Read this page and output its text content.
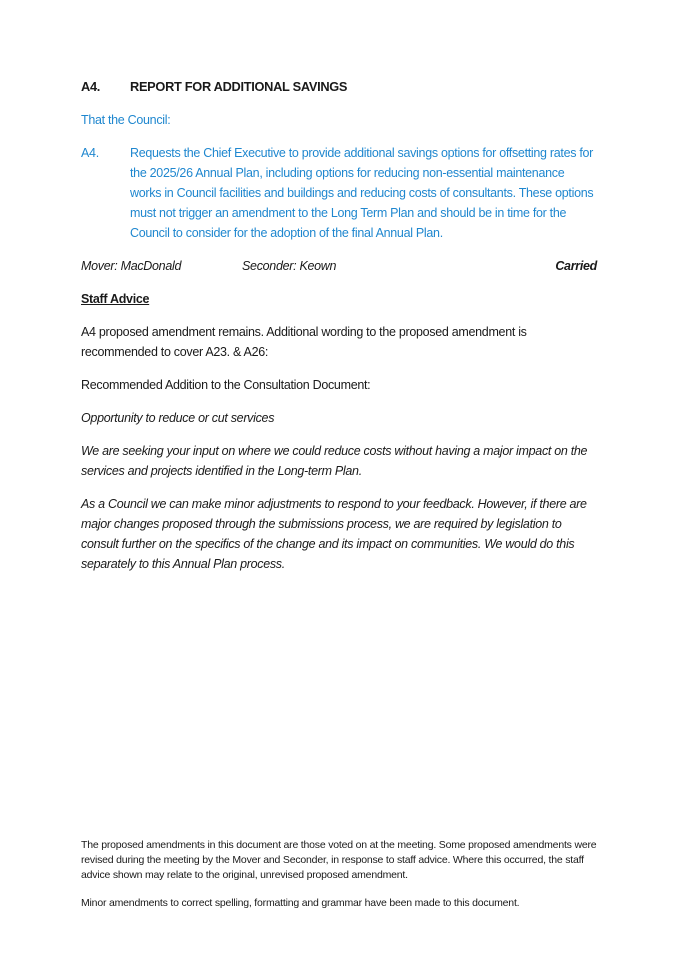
A4.	REPORT FOR ADDITIONAL SAVINGS

That the Council:

A4.	Requests the Chief Executive to provide additional savings options for offsetting rates for the 2025/26 Annual Plan, including options for reducing non-essential maintenance works in Council facilities and buildings and reducing costs of consultants. These options must not trigger an amendment to the Long Term Plan and should be in time for the Council to consider for the adoption of the final Annual Plan.
Mover: MacDonald	Seconder: Keown	Carried

Staff Advice

A4 proposed amendment remains. Additional wording to the proposed amendment is recommended to cover A23. & A26:

Recommended Addition to the Consultation Document:

Opportunity to reduce or cut services

We are seeking your input on where we could reduce costs without having a major impact on the services and projects identified in the Long-term Plan.

As a Council we can make minor adjustments to respond to your feedback. However, if there are major changes proposed through the submissions process, we are required by legislation to consult further on the specifics of the change and its impact on communities. We would do this separately to this Annual Plan process.

The proposed amendments in this document are those voted on at the meeting. Some proposed amendments were revised during the meeting by the Mover and Seconder, in response to staff advice. Where this occurred, the staff advice shown may relate to the original, unrevised proposed amendment.

Minor amendments to correct spelling, formatting and grammar have been made to this document.
